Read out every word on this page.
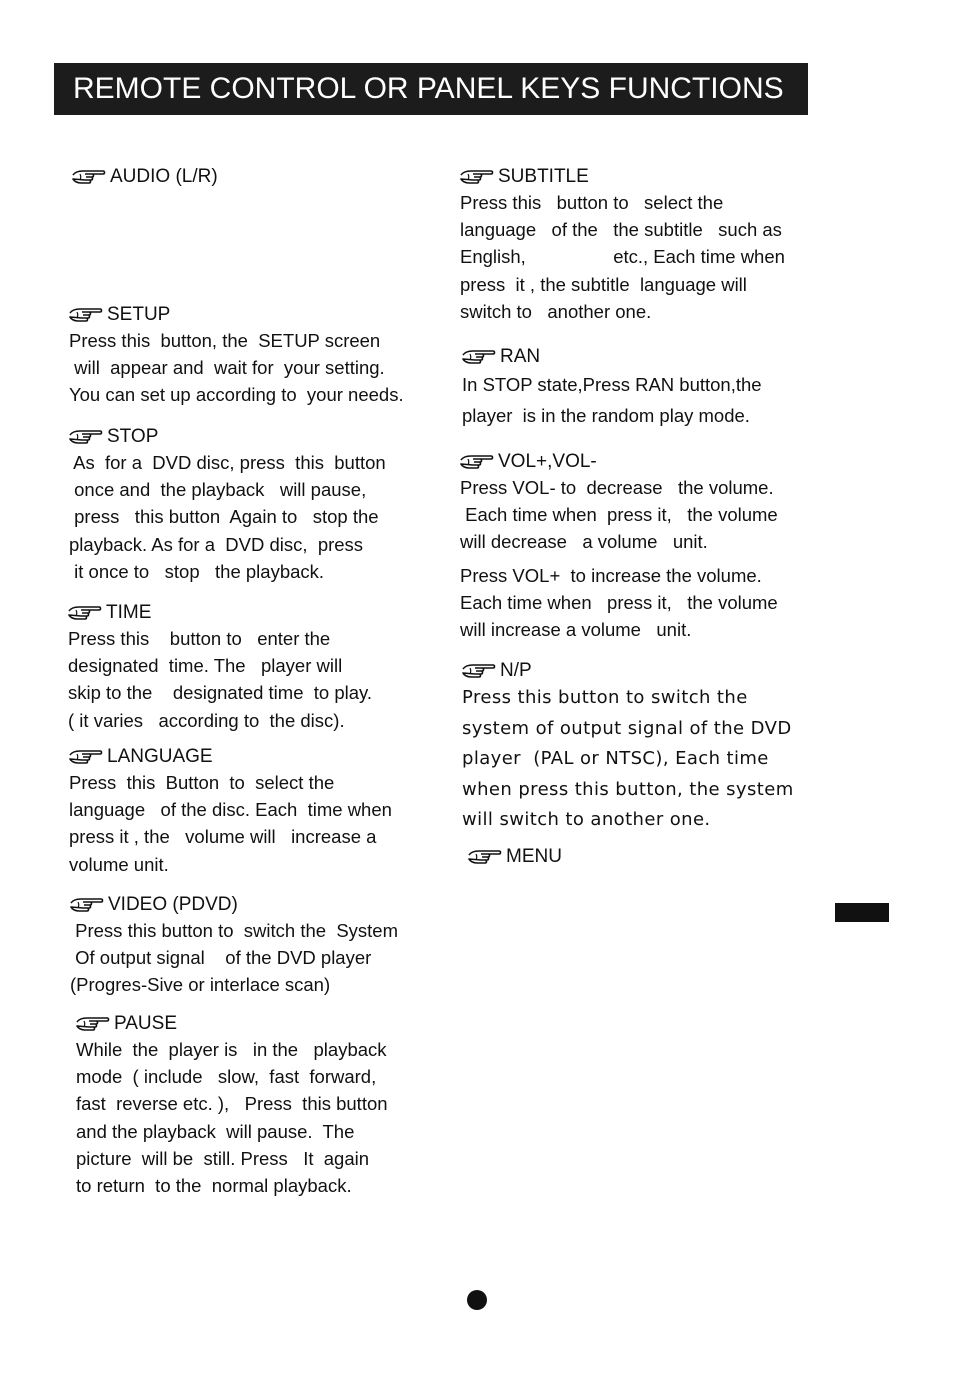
REMOTE CONTROL OR PANEL KEYS FUNCTIONS
AUDIO (L/R)
SETUP
Press this  button, the  SETUP screen
will  appear and  wait for  your setting.
You can set up according to  your needs.
STOP
As  for a  DVD disc, press  this  button
once and  the playback   will pause,
press   this button  Again to   stop the
playback. As for a  DVD disc,  press
it once to   stop   the playback.
TIME
Press this    button to   enter the
designated  time. The   player will
skip to the    designated time  to play.
( it varies   according to  the disc).
LANGUAGE
Press  this  Button  to  select the
language   of the disc. Each  time when
press it , the   volume will   increase a
volume unit.
VIDEO (PDVD)
Press this button to  switch the  System
Of output signal    of the DVD player
(Progres-Sive or interlace scan)
PAUSE
While  the  player is   in the   playback
mode  ( include   slow,  fast  forward,
fast  reverse etc. ),   Press  this button
and the playback  will pause.  The
picture  will be  still. Press   It  again
to return  to the  normal playback.
SUBTITLE
Press this   button to   select the
language   of the   the subtitle   such as
English,                 etc., Each time when
press  it , the subtitle  language will
switch to   another one.
RAN
In STOP state,Press RAN button,the
player  is in the random play mode.
VOL+,VOL-
Press VOL- to  decrease   the volume.
Each time when  press it,   the volume
will decrease   a volume   unit.
Press VOL+  to increase the volume.
Each time when   press it,   the volume
will increase a volume   unit.
N/P
Press this button to switch the
system of output signal of the DVD
player  (PAL or NTSC), Each time
when press this button, the system
will switch to another one.
MENU
